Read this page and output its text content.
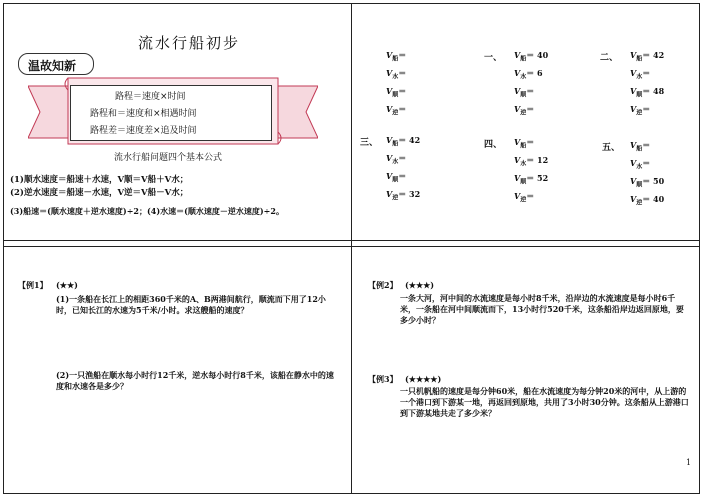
流水行船初步
温故知新
路程＝速度×时间
路程和＝速度和×相遇时间
路程差＝速度差×追及时间
流水行船问题四个基本公式
(1)顺水速度＝船速＋水速，V顺＝V船＋V水；
(2)逆水速度＝船速－水速，V逆＝V船－V水；
(3)船速＝(顺水速度＋逆水速度)÷2；(4)水速＝(顺水速度－逆水速度)÷2。
$V_船=$
$V_水=$
$V_顺=$
$V_逆=$
一、 $V_船= 40$
$V_水= 6$
$V_顺=$
$V_逆=$
二、 $V_船= 42$
$V_水=$
$V_顺= 48$
$V_逆=$
三、 $V_船= 42$
$V_水=$
$V_顺=$
$V_逆= 32$
四、 $V_船=$
$V_水= 12$
$V_顺= 52$
$V_逆=$
五、 $V_船=$
$V_水=$
$V_顺= 50$
$V_逆= 40$
【例1】 (★★)
(1)一条船在长江上的相距360千米的A、B两港间航行，顺流而下用了12小时，已知长江的水速为5千米/小时。求这艘船的速度？
(2)一只渔船在顺水每小时行12千米，逆水每小时行8千米，该船在静水中的速度和水速各是多少？
【例2】 (★★★)
一条大河，河中间的水流速度是每小时8千米，沿岸边的水流速度是每小时6千米，一条船在河中间顺流而下，13小时行520千米，这条船沿岸边返回原地，要多少小时？
【例3】 (★★★★)
一只机帆船的速度是每分钟60米，船在水流速度为每分钟20米的河中，从上游的一个港口到下游某一地，再返回到原地，共用了3小时30分钟。这条船从上游港口到下游某地共走了多少米？
1
